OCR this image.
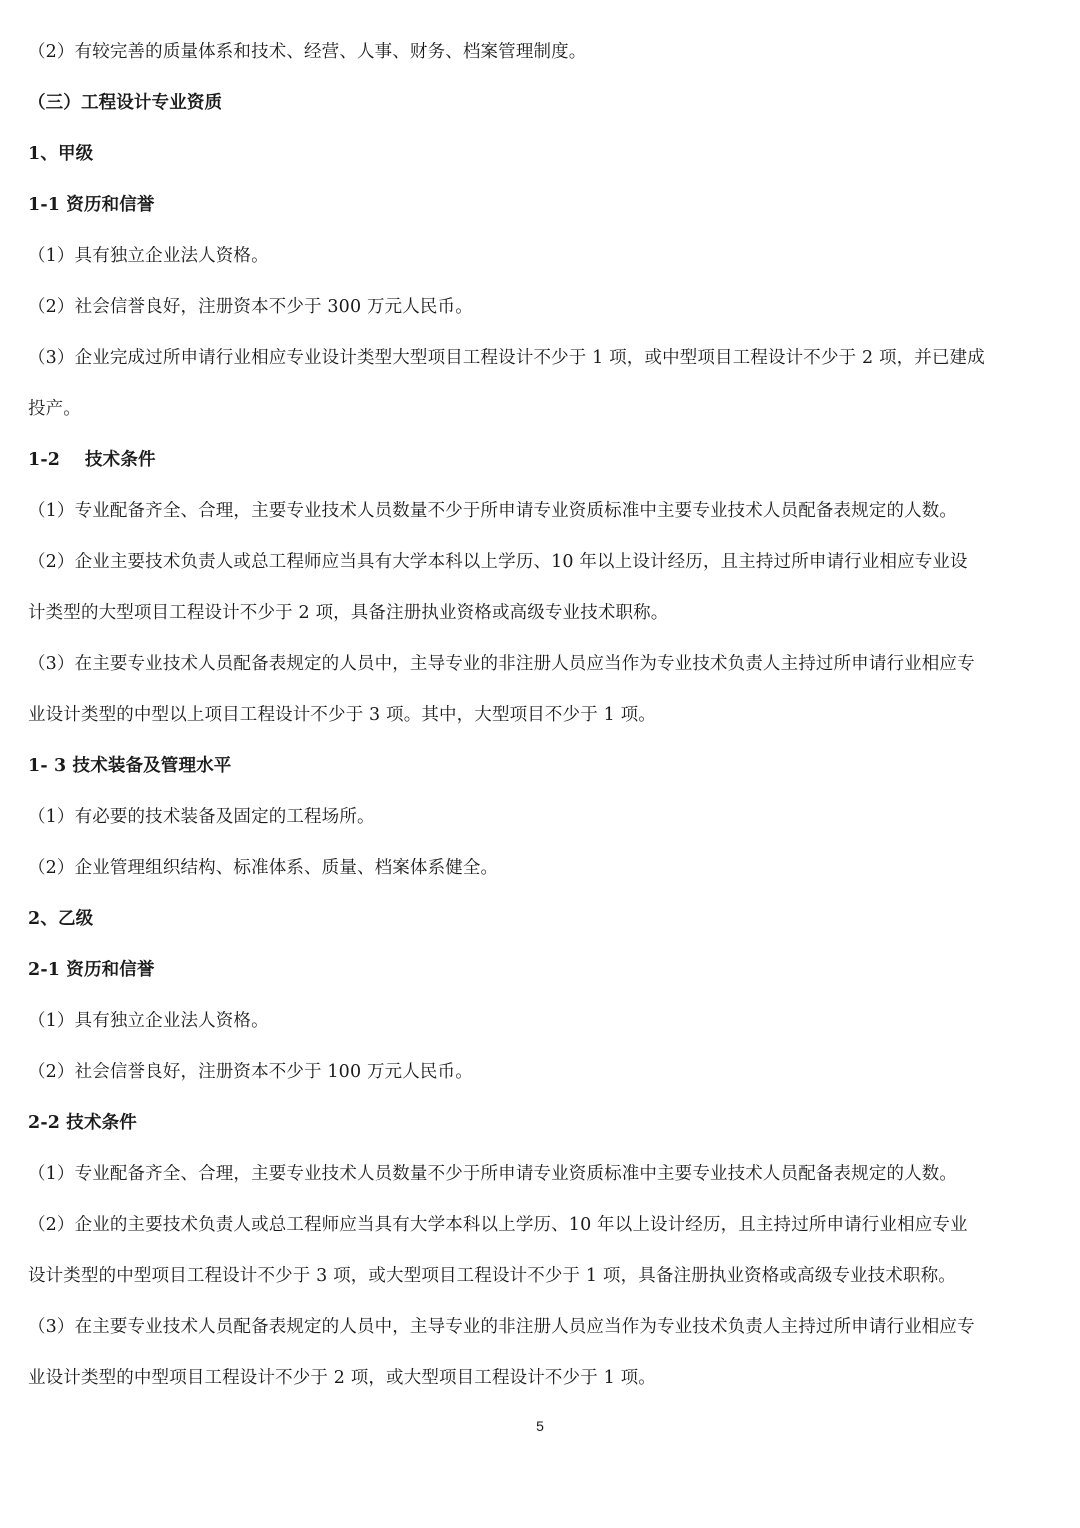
（2）有较完善的质量体系和技术、经营、人事、财务、档案管理制度。
（三）工程设计专业资质
1、甲级
1-1 资历和信誉
（1）具有独立企业法人资格。
（2）社会信誉良好，注册资本不少于 300 万元人民币。
（3）企业完成过所申请行业相应专业设计类型大型项目工程设计不少于 1 项，或中型项目工程设计不少于 2 项，并已建成
投产。
1-2    技术条件
（1）专业配备齐全、合理，主要专业技术人员数量不少于所申请专业资质标准中主要专业技术人员配备表规定的人数。
（2）企业主要技术负责人或总工程师应当具有大学本科以上学历、10 年以上设计经历，且主持过所申请行业相应专业设
计类型的大型项目工程设计不少于 2 项，具备注册执业资格或高级专业技术职称。
（3）在主要专业技术人员配备表规定的人员中，主导专业的非注册人员应当作为专业技术负责人主持过所申请行业相应专
业设计类型的中型以上项目工程设计不少于 3 项。其中，大型项目不少于 1 项。
1- 3 技术装备及管理水平
（1）有必要的技术装备及固定的工程场所。
（2）企业管理组织结构、标准体系、质量、档案体系健全。
2、乙级
2-1 资历和信誉
（1）具有独立企业法人资格。
（2）社会信誉良好，注册资本不少于 100 万元人民币。
2-2 技术条件
（1）专业配备齐全、合理，主要专业技术人员数量不少于所申请专业资质标准中主要专业技术人员配备表规定的人数。
（2）企业的主要技术负责人或总工程师应当具有大学本科以上学历、10 年以上设计经历，且主持过所申请行业相应专业
设计类型的中型项目工程设计不少于 3 项，或大型项目工程设计不少于 1 项，具备注册执业资格或高级专业技术职称。
（3）在主要专业技术人员配备表规定的人员中，主导专业的非注册人员应当作为专业技术负责人主持过所申请行业相应专
业设计类型的中型项目工程设计不少于 2 项，或大型项目工程设计不少于 1 项。
5
